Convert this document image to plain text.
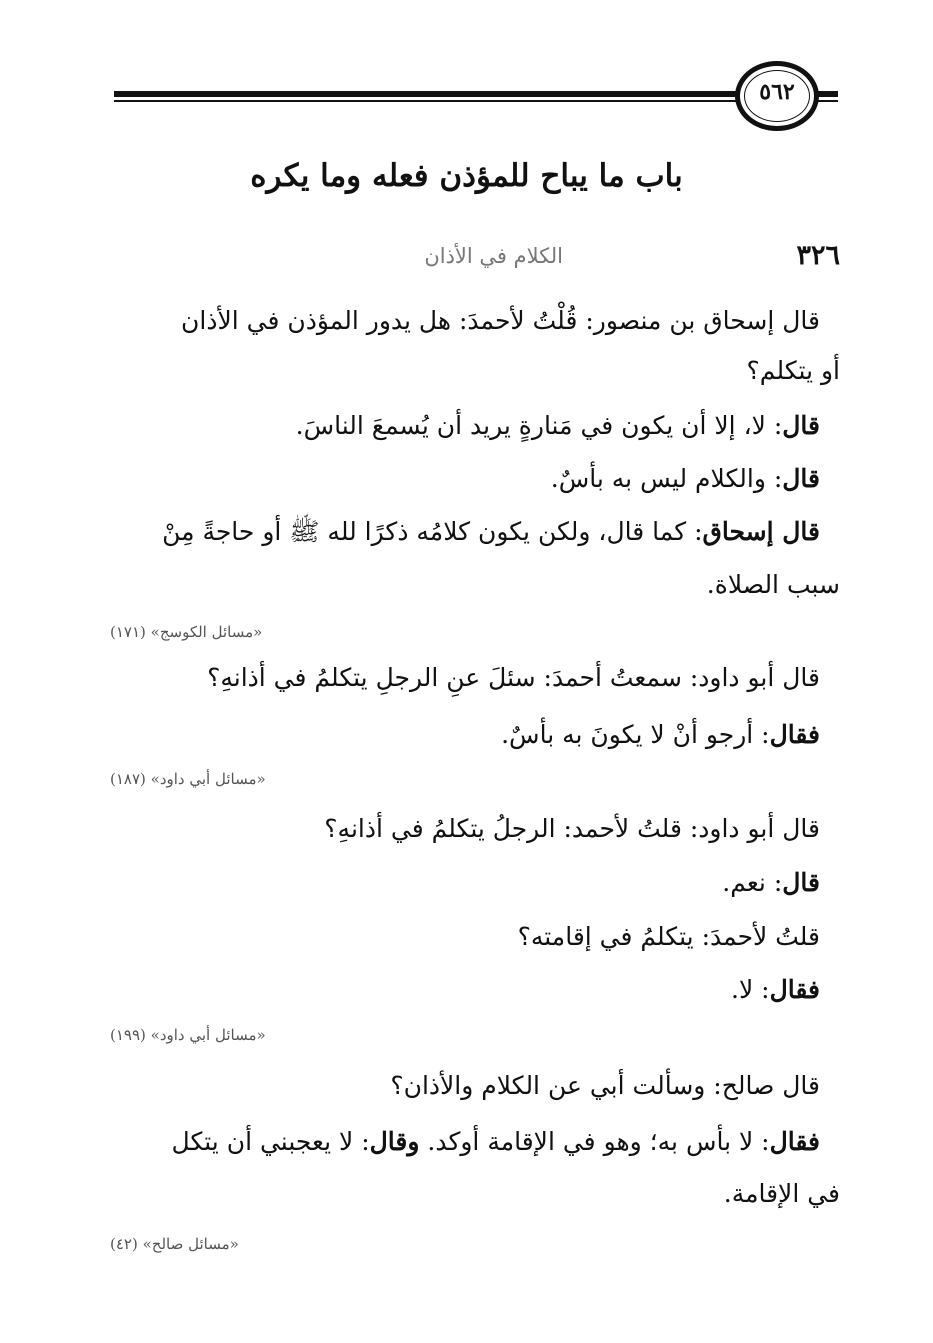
٥٦٢
باب ما يباح للمؤذن فعله وما يكره
٣٢٦
الكلام في الأذان
قال إسحاق بن منصور: قُلْتُ لأحمدَ: هل يدور المؤذن في الأذان
أو يتكلم؟
قال: لا، إلا أن يكون في مَنارةٍ يريد أن يُسمعَ الناسَ.
قال: والكلام ليس به بأسٌ.
قال إسحاق: كما قال، ولكن يكون كلامُه ذكرًا لله ﷺ أو حاجةً مِنْ
سبب الصلاة.
«مسائل الكوسج» (١٧١)
قال أبو داود: سمعتُ أحمدَ: سئلَ عنِ الرجلِ يتكلمُ في أذانهِ؟
فقال: أرجو أنْ لا يكونَ به بأسٌ.
«مسائل أبي داود» (١٨٧)
قال أبو داود: قلتُ لأحمد: الرجلُ يتكلمُ في أذانهِ؟
قال: نعم.
قلتُ لأحمدَ: يتكلمُ في إقامته؟
فقال: لا.
«مسائل أبي داود» (١٩٩)
قال صالح: وسألت أبي عن الكلام والأذان؟
فقال: لا بأس به؛ وهو في الإقامة أوكد. وقال: لا يعجبني أن يتكل
في الإقامة.
«مسائل صالح» (٤٢)
